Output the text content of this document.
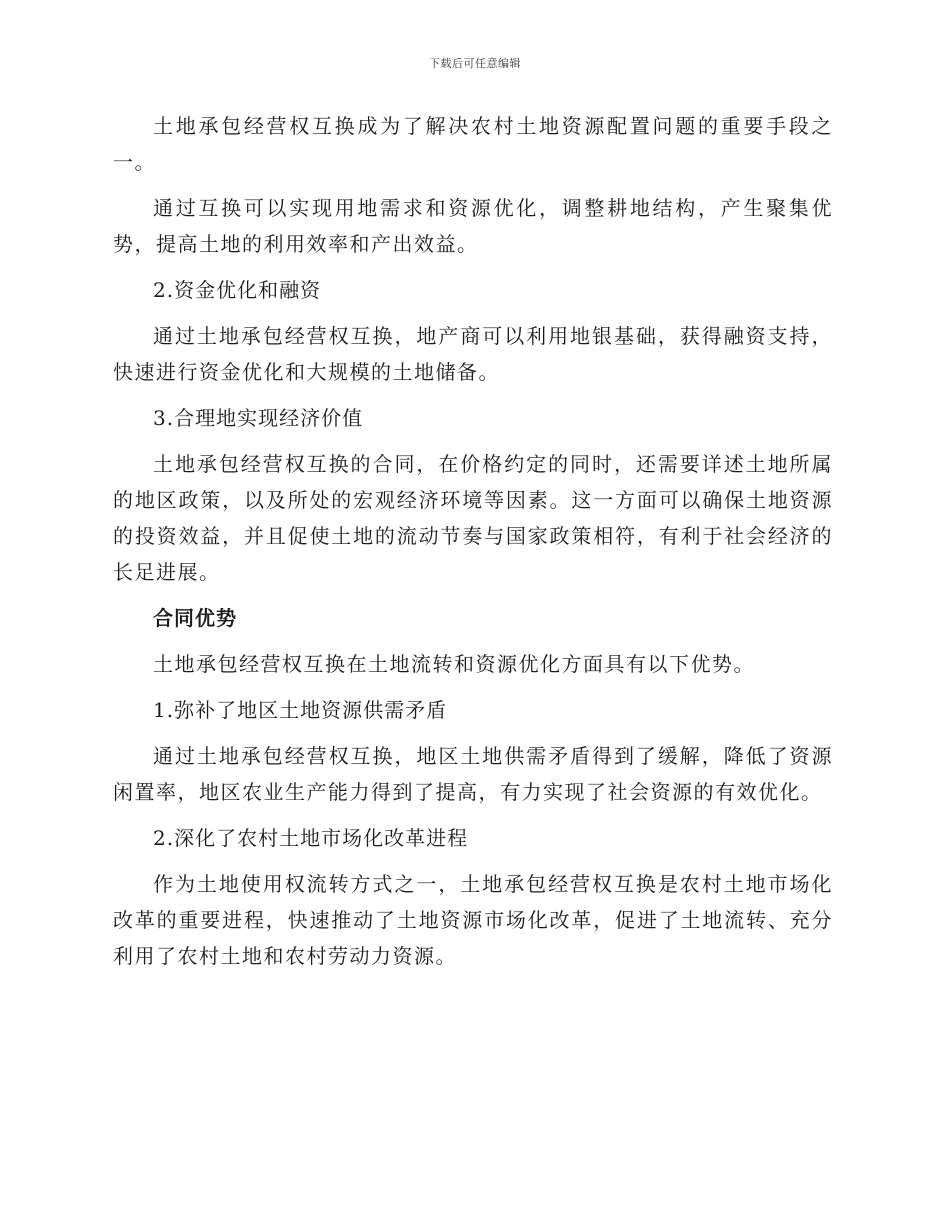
下载后可任意编辑

土地承包经营权互换成为了解决农村土地资源配置问题的重要手段之一。

通过互换可以实现用地需求和资源优化，调整耕地结构，产生聚集优势，提高土地的利用效率和产出效益。

2.资金优化和融资

通过土地承包经营权互换，地产商可以利用地银基础，获得融资支持，快速进行资金优化和大规模的土地储备。

3.合理地实现经济价值

土地承包经营权互换的合同，在价格约定的同时，还需要详述土地所属的地区政策，以及所处的宏观经济环境等因素。这一方面可以确保土地资源的投资效益，并且促使土地的流动节奏与国家政策相符，有利于社会经济的长足进展。

合同优势

土地承包经营权互换在土地流转和资源优化方面具有以下优势。

1.弥补了地区土地资源供需矛盾

通过土地承包经营权互换，地区土地供需矛盾得到了缓解，降低了资源闲置率，地区农业生产能力得到了提高，有力实现了社会资源的有效优化。

2.深化了农村土地市场化改革进程

作为土地使用权流转方式之一，土地承包经营权互换是农村土地市场化改革的重要进程，快速推动了土地资源市场化改革，促进了土地流转、充分利用了农村土地和农村劳动力资源。
